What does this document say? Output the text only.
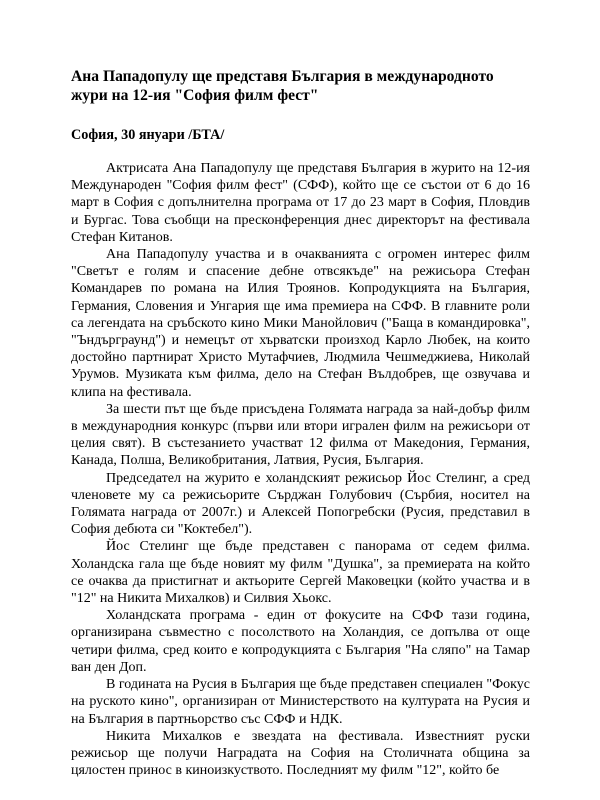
Ана Пападопулу ще представя България в международното жури на 12-ия "София филм фест"

София, 30 януари /БТА/

Актрисата Ана Пападопулу ще представя България в журито на 12-ия Международен "София филм фест" (СФФ), който ще се състои от 6 до 16 март в София с допълнителна програма от 17 до 23 март в София, Пловдив и Бургас. Това съобщи на пресконференция днес директорът на фестивала Стефан Китанов.

Ана Пападопулу участва и в очакванията с огромен интерес филм "Светът е голям и спасение дебне отвсякъде" на режисьора Стефан Командарев по романа на Илия Троянов. Копродукцията на България, Германия, Словения и Унгария ще има премиера на СФФ. В главните роли са легендата на сръбското кино Мики Манойлович ("Баща в командировка", "Ъндърграунд") и немецът от хърватски произход Карло Любек, на които достойно партнират Христо Мутафчиев, Людмила Чешмеджиева, Николай Урумов. Музиката към филма, дело на Стефан Вълдобрев, ще озвучава и клипа на фестивала.

За шести път ще бъде присъдена Голямата награда за най-добър филм в международния конкурс (първи или втори игрален филм на режисьори от целия свят). В състезанието участват 12 филма от Македония, Германия, Канада, Полша, Великобритания, Латвия, Русия, България.

Председател на журито е холандският режисьор Йос Стелинг, а сред членовете му са режисьорите Сърджан Голубович (Сърбия, носител на Голямата награда от 2007г.) и Алексей Попогребски (Русия, представил в София дебюта си "Коктебел").

Йос Стелинг ще бъде представен с панорама от седем филма. Холандска гала ще бъде новият му филм "Душка", за премиерата на който се очаква да пристигнат и актьорите Сергей Маковецки (който участва и в "12" на Никита Михалков) и Силвия Хьокс.

Холандската програма - един от фокусите на СФФ тази година, организирана съвместно с посолството на Холандия, се допълва от още четири филма, сред които е копродукцията с България "На сляпо" на Тамар ван ден Доп.

В годината на Русия в България ще бъде представен специален "Фокус на руското кино", организиран от Министерството на културата на Русия и на България в партньорство със СФФ и НДК.

Никита Михалков е звездата на фестивала. Известният руски режисьор ще получи Наградата на София на Столичната община за цялостен принос в киноизкуството. Последният му филм "12", който бе
